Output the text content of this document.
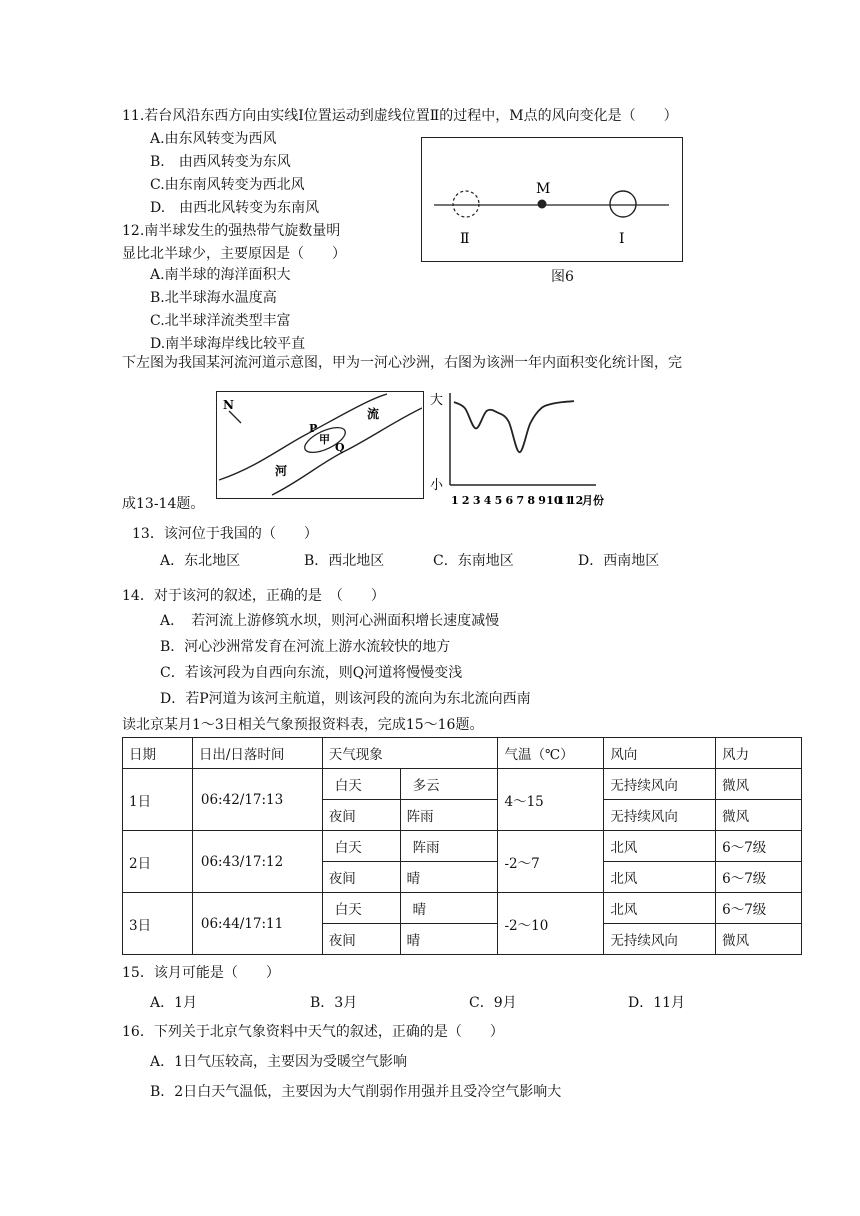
11.若台风沿东西方向由实线Ⅰ位置运动到虚线位置Ⅱ的过程中，M点的风向变化是（　　）
A.由东风转变为西风
B.　由西风转变为东风
C.由东南风转变为西北风
D.　由西北风转变为东南风
M
Ⅱ	Ⅰ
图6
12.南半球发生的强热带气旋数量明
显比北半球少，主要原因是（　　）
A.南半球的海洋面积大
B.北半球海水温度高
C.北半球洋流类型丰富
D.南半球海岸线比较平直
下左图为我国某河流河道示意图，甲为一河心沙洲，右图为该洲一年内面积变化统计图，完
N
P
甲
Q
流
河
大
小
1 2 3 4 5 6 7 8 9 10
11
12
月份
成13-14题。
13．该河位于我国的（　　）
A．东北地区	B．西北地区	C．东南地区	D．西南地区
14．对于该河的叙述，正确的是　（　　）
A．　若河流上游修筑水坝，则河心洲面积增长速度减慢
B．河心沙洲常发育在河流上游水流较快的地方
C．若该河段为自西向东流，则Q河道将慢慢变浅
D．若P河道为该河主航道，则该河段的流向为东北流向西南
读北京某月1～3日相关气象预报资料表，完成15～16题。
日期	日出/日落时间	天气现象		气温（℃）	风向	风力
1日	06:42/17:13	白天	多云	4～15	无持续风向	微风
		夜间	阵雨		无持续风向	微风
2日	06:43/17:12	白天	阵雨	-2～7	北风	6～7级
		夜间	晴		北风	6～7级
3日	06:44/17:11	白天	晴	-2～10	北风	6～7级
		夜间	晴		无持续风向	微风
15．该月可能是（　　）
A．1月	B．3月	C．9月	D．11月
16．下列关于北京气象资料中天气的叙述，正确的是（　　）
A．1日气压较高，主要因为受暖空气影响
B．2日白天气温低，主要因为大气削弱作用强并且受冷空气影响大
